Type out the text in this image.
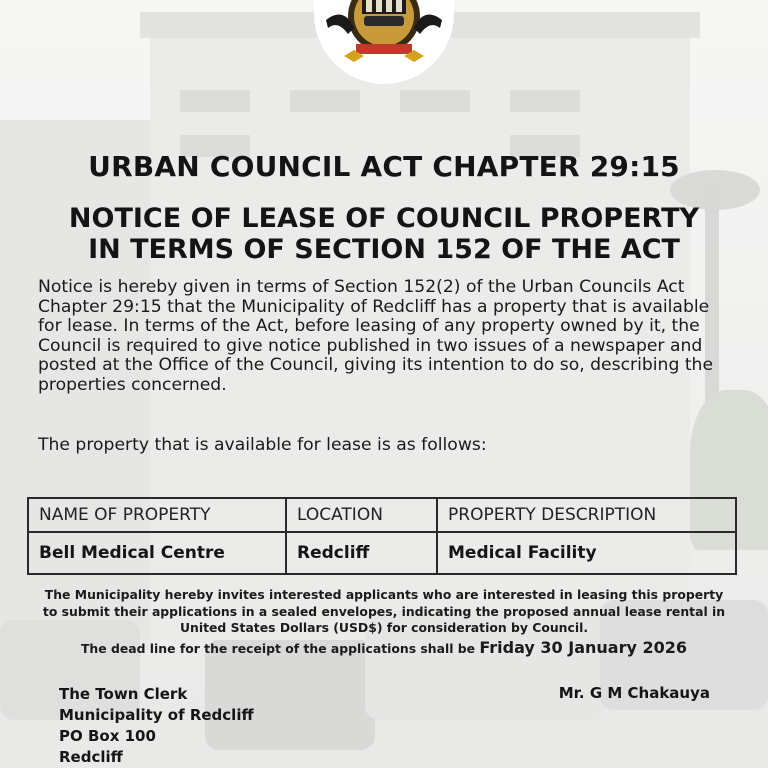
REDCLIFF
URBAN COUNCIL ACT CHAPTER 29:15
NOTICE OF LEASE OF COUNCIL PROPERTY
IN TERMS OF SECTION 152 OF THE ACT
Notice is hereby given in terms of Section 152(2) of the Urban Councils Act Chapter 29:15 that the Municipality of Redcliff has a property that is available for lease. In terms of the Act, before leasing of any property owned by it, the Council is required to give notice published in two issues of a newspaper and posted at the Office of the Council, giving its intention to do so, describing the properties concerned.
The property that is available for lease is as follows:
NAME OF PROPERTY	LOCATION	PROPERTY DESCRIPTION
Bell Medical Centre	Redcliff	Medical Facility
The Municipality hereby invites interested applicants who are interested in leasing this property to submit their applications in a sealed envelopes, indicating the proposed annual lease rental in United States Dollars (USD$) for consideration by Council.
The dead line for the receipt of the applications shall be Friday 30 January 2026
The Town Clerk
Municipality of Redcliff
PO Box 100
Redcliff
Mr. G M Chakauya
